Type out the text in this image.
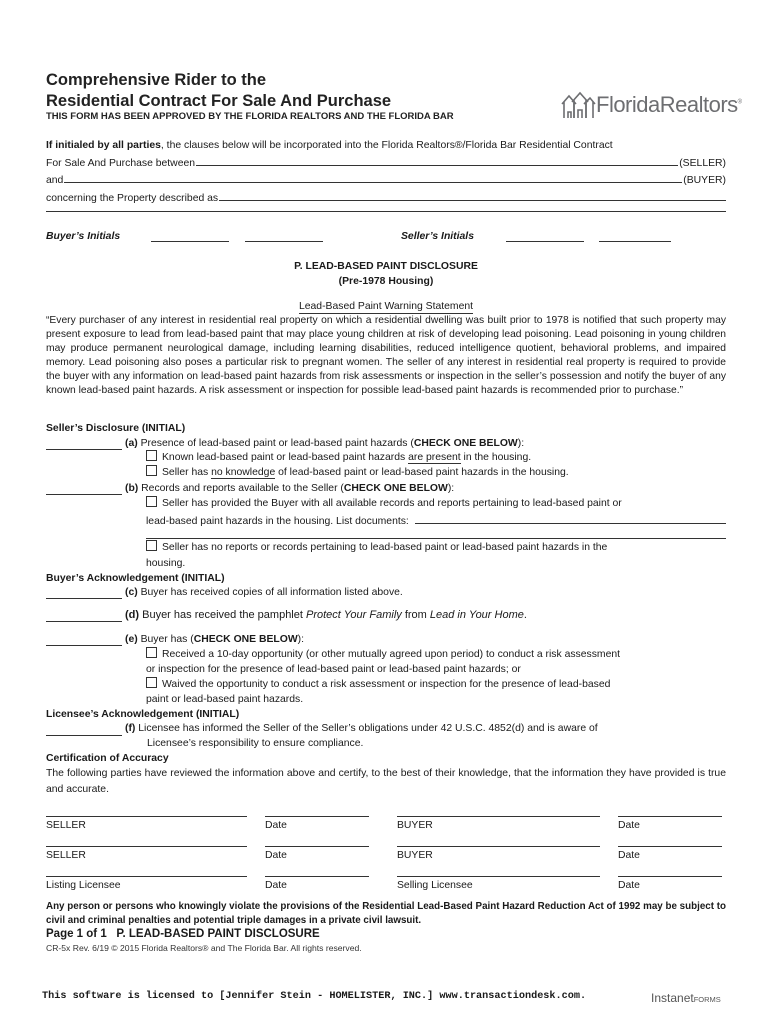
Comprehensive Rider to the
Residential Contract For Sale And Purchase
THIS FORM HAS BEEN APPROVED BY THE FLORIDA REALTORS AND THE FLORIDA BAR	FloridaRealtors®
If initialed by all parties, the clauses below will be incorporated into the Florida Realtors®/Florida Bar Residential Contract
For Sale And Purchase between	(SELLER)
and	(BUYER)
concerning the Property described as
Buyer’s Initials	Seller’s Initials
P. LEAD-BASED PAINT DISCLOSURE
(Pre-1978 Housing)
Lead-Based Paint Warning Statement
“Every purchaser of any interest in residential real property on which a residential dwelling was built prior to 1978 is notified that such property may present exposure to lead from lead-based paint that may place young children at risk of developing lead poisoning. Lead poisoning in young children may produce permanent neurological damage, including learning disabilities, reduced intelligence quotient, behavioral problems, and impaired memory. Lead poisoning also poses a particular risk to pregnant women. The seller of any interest in residential real property is required to provide the buyer with any information on lead-based paint hazards from risk assessments or inspection in the seller’s possession and notify the buyer of any known lead-based paint hazards. A risk assessment or inspection for possible lead-based paint hazards is recommended prior to purchase.”
Seller’s Disclosure (INITIAL)
(a) Presence of lead-based paint or lead-based paint hazards (CHECK ONE BELOW):
Known lead-based paint or lead-based paint hazards are present in the housing.
Seller has no knowledge of lead-based paint or lead-based paint hazards in the housing.
(b) Records and reports available to the Seller (CHECK ONE BELOW):
Seller has provided the Buyer with all available records and reports pertaining to lead-based paint or
lead-based paint hazards in the housing. List documents:
Seller has no reports or records pertaining to lead-based paint or lead-based paint hazards in the
housing.
Buyer’s Acknowledgement (INITIAL)
(c) Buyer has received copies of all information listed above.
(d) Buyer has received the pamphlet Protect Your Family from Lead in Your Home.
(e) Buyer has (CHECK ONE BELOW):
Received a 10-day opportunity (or other mutually agreed upon period) to conduct a risk assessment
or inspection for the presence of lead-based paint or lead-based paint hazards; or
Waived the opportunity to conduct a risk assessment or inspection for the presence of lead-based
paint or lead-based paint hazards.
Licensee’s Acknowledgement (INITIAL)
(f) Licensee has informed the Seller of the Seller’s obligations under 42 U.S.C. 4852(d) and is aware of
Licensee’s responsibility to ensure compliance.
Certification of Accuracy
The following parties have reviewed the information above and certify, to the best of their knowledge, that the information they have provided is true and accurate.
SELLER	Date	BUYER	Date
SELLER	Date	BUYER	Date
Listing Licensee	Date	Selling Licensee	Date
Any person or persons who knowingly violate the provisions of the Residential Lead-Based Paint Hazard Reduction Act of 1992 may be subject to civil and criminal penalties and potential triple damages in a private civil lawsuit.
Page 1 of 1 P. LEAD-BASED PAINT DISCLOSURE
CR-5x Rev. 6/19 © 2015 Florida Realtors® and The Florida Bar. All rights reserved.
This software is licensed to [Jennifer Stein - HOMELISTER, INC.] www.transactiondesk.com.	InstanetFORMS
